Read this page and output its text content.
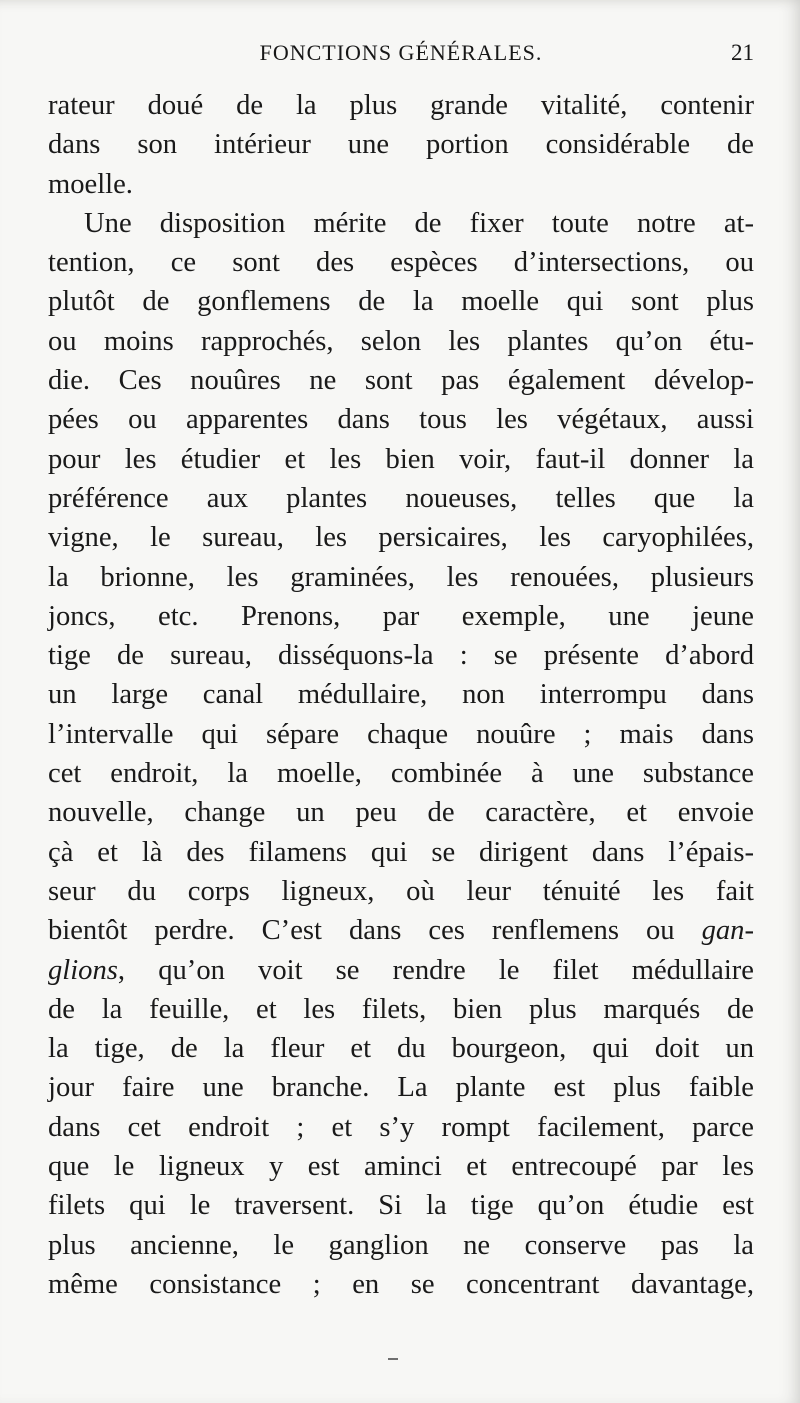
FONCTIONS GÉNÉRALES.	21
rateur doué de la plus grande vitalité, contenir
dans son intérieur une portion considérable de
moelle.
Une disposition mérite de fixer toute notre at-
tention, ce sont des espèces d’intersections, ou
plutôt de gonflemens de la moelle qui sont plus
ou moins rapprochés, selon les plantes qu’on étu-
die. Ces nouûres ne sont pas également dévelop-
pées ou apparentes dans tous les végétaux, aussi
pour les étudier et les bien voir, faut-il donner la
préférence aux plantes noueuses, telles que la
vigne, le sureau, les persicaires, les caryophilées,
la brionne, les graminées, les renouées, plusieurs
joncs, etc. Prenons, par exemple, une jeune
tige de sureau, disséquons-la : se présente d’abord
un large canal médullaire, non interrompu dans
l’intervalle qui sépare chaque nouûre ; mais dans
cet endroit, la moelle, combinée à une substance
nouvelle, change un peu de caractère, et envoie
çà et là des filamens qui se dirigent dans l’épais-
seur du corps ligneux, où leur ténuité les fait
bientôt perdre. C’est dans ces renflemens ou gan-
glions, qu’on voit se rendre le filet médullaire
de la feuille, et les filets, bien plus marqués de
la tige, de la fleur et du bourgeon, qui doit un
jour faire une branche. La plante est plus faible
dans cet endroit ; et s’y rompt facilement, parce
que le ligneux y est aminci et entrecoupé par les
filets qui le traversent. Si la tige qu’on étudie est
plus ancienne, le ganglion ne conserve pas la
même consistance ; en se concentrant davantage,
